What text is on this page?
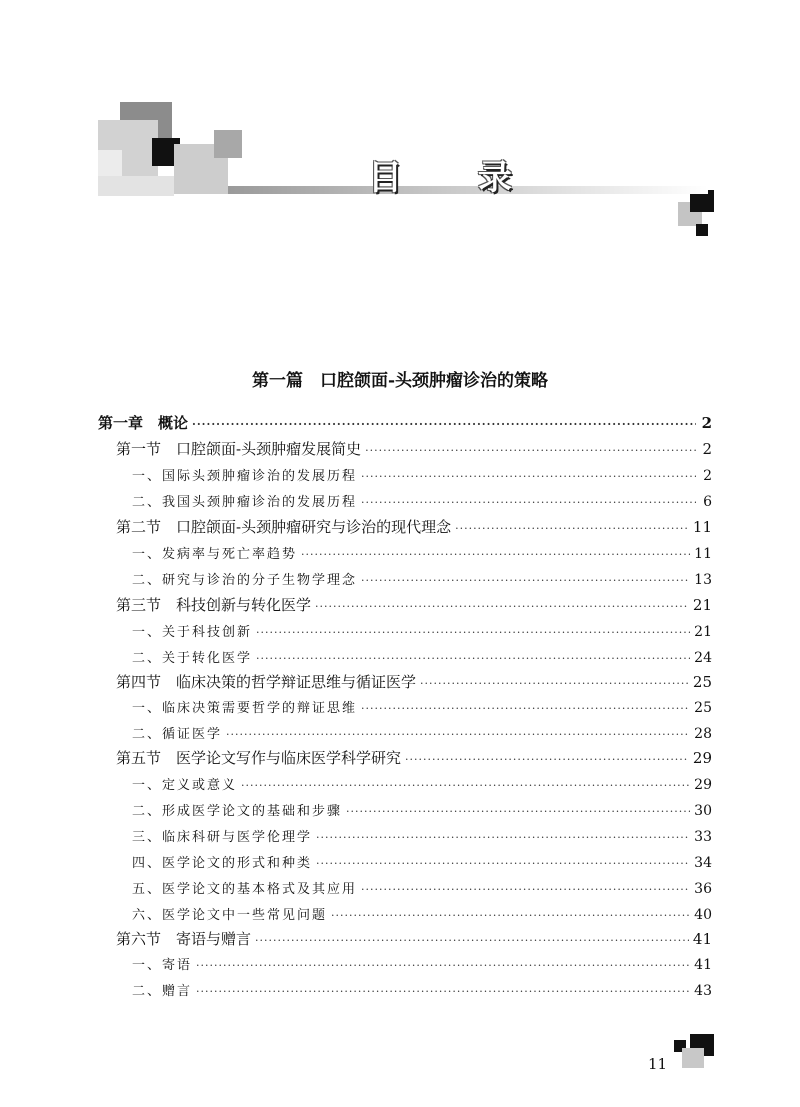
目 录
第一篇　口腔颌面-头颈肿瘤诊治的策略
第一章　概论 ·····	2
第一节　口腔颌面-头颈肿瘤发展简史 ·····	2
一、国际头颈肿瘤诊治的发展历程 ·····	2
二、我国头颈肿瘤诊治的发展历程 ·····	6
第二节　口腔颌面-头颈肿瘤研究与诊治的现代理念 ·····	11
一、发病率与死亡率趋势 ·····	11
二、研究与诊治的分子生物学理念 ·····	13
第三节　科技创新与转化医学 ·····	21
一、关于科技创新 ·····	21
二、关于转化医学 ·····	24
第四节　临床决策的哲学辩证思维与循证医学 ·····	25
一、临床决策需要哲学的辩证思维 ·····	25
二、循证医学 ·····	28
第五节　医学论文写作与临床医学科学研究 ·····	29
一、定义或意义 ·····	29
二、形成医学论文的基础和步骤 ·····	30
三、临床科研与医学伦理学 ·····	33
四、医学论文的形式和种类 ·····	34
五、医学论文的基本格式及其应用 ·····	36
六、医学论文中一些常见问题 ·····	40
第六节　寄语与赠言 ·····	41
一、寄语 ·····	41
二、赠言 ·····	43
11
